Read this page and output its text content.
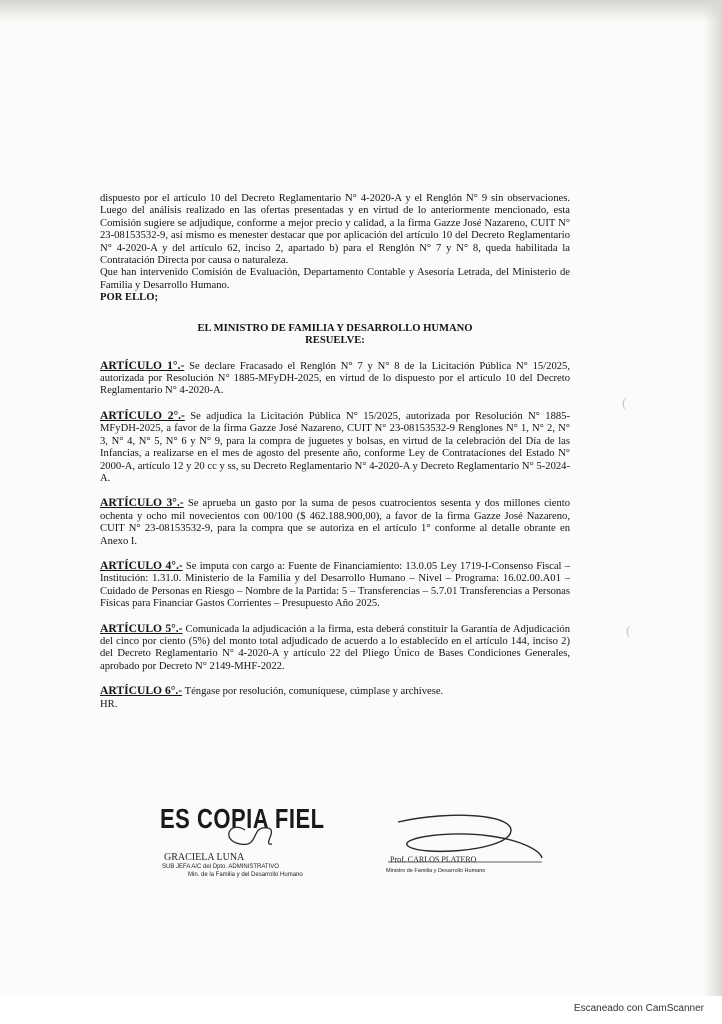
(
(

dispuesto por el artículo 10 del Decreto Reglamentario N° 4-2020-A y el Renglón N° 9 sin observaciones. Luego del análisis realizado en las ofertas presentadas y en virtud de lo anteriormente mencionado, esta Comisión sugiere se adjudique, conforme a mejor precio y calidad, a la firma Gazze José Nazareno, CUIT N° 23-08153532-9, así mismo es menester destacar que por aplicación del artículo 10 del Decreto Reglamentario N° 4-2020-A y del artículo 62, inciso 2, apartado b) para el Renglón N° 7 y N° 8, queda habilitada la Contratación Directa por causa o naturaleza.

Que han intervenido Comisión de Evaluación, Departamento Contable y Asesoría Letrada, del Ministerio de Familia y Desarrollo Humano.

POR ELLO;

EL MINISTRO DE FAMILIA Y DESARROLLO HUMANO
RESUELVE:

ARTÍCULO 1°.- Se declare Fracasado el Renglón N° 7 y N° 8 de la Licitación Pública N° 15/2025, autorizada por Resolución N° 1885-MFyDH-2025, en virtud de lo dispuesto por el artículo 10 del Decreto Reglamentario N° 4-2020-A.

ARTÍCULO 2°.- Se adjudica la Licitación Pública N° 15/2025, autorizada por Resolución N° 1885-MFyDH-2025, a favor de la firma Gazze José Nazareno, CUIT N° 23-08153532-9 Renglones N° 1, N° 2, N° 3, N° 4, N° 5, N° 6 y N° 9, para la compra de juguetes y bolsas, en virtud de la celebración del Día de las Infancias, a realizarse en el mes de agosto del presente año, conforme Ley de Contrataciones del Estado N° 2000-A, artículo 12 y 20 cc y ss, su Decreto Reglamentario N° 4-2020-A y Decreto Reglamentario N° 5-2024-A.

ARTÍCULO 3°.- Se aprueba un gasto por la suma de pesos cuatrocientos sesenta y dos millones ciento ochenta y ocho mil novecientos con 00/100 ($ 462.188.900,00), a favor de la firma Gazze José Nazareno, CUIT N° 23-08153532-9, para la compra que se autoriza en el artículo 1° conforme al detalle obrante en Anexo I.

ARTÍCULO 4°.- Se imputa con cargo a: Fuente de Financiamiento: 13.0.05 Ley 1719-I-Consenso Fiscal – Institución: 1.31.0. Ministerio de la Familia y del Desarrollo Humano – Nivel – Programa: 16.02.00.A01 – Cuidado de Personas en Riesgo – Nombre de la Partida: 5 – Transferencias – 5.7.01 Transferencias a Personas Físicas para Financiar Gastos Corrientes – Presupuesto Año 2025.

ARTÍCULO 5°.- Comunicada la adjudicación a la firma, esta deberá constituir la Garantía de Adjudicación del cinco por ciento (5%) del monto total adjudicado de acuerdo a lo establecido en el artículo 144, inciso 2) del Decreto Reglamentario N° 4-2020-A y artículo 22 del Pliego Único de Bases Condiciones Generales, aprobado por Decreto N° 2149-MHF-2022.

ARTÍCULO 6°.- Téngase por resolución, comuníquese, cúmplase y archívese.

HR.

ES COPIA FIEL
GRACIELA LUNA
SUB JEFA A/C del Dpto. ADMINISTRATIVO
Min. de la Familia y del Desarrollo Humano
Prof. CARLOS PLATERO
Ministro de Familia y Desarrollo Humano
Escaneado con CamScanner
